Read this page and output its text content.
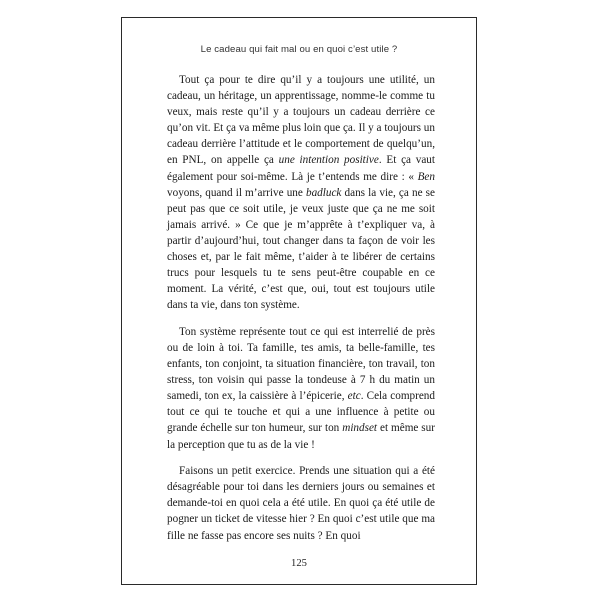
Le cadeau qui fait mal ou en quoi c’est utile ?

Tout ça pour te dire qu’il y a toujours une utilité, un cadeau, un héritage, un apprentissage, nomme-le comme tu veux, mais reste qu’il y a toujours un cadeau derrière ce qu’on vit. Et ça va même plus loin que ça. Il y a toujours un cadeau derrière l’attitude et le comportement de quelqu’un, en PNL, on appelle ça une intention positive. Et ça vaut également pour soi-même. Là je t’entends me dire : « Ben voyons, quand il m’arrive une badluck dans la vie, ça ne se peut pas que ce soit utile, je veux juste que ça ne me soit jamais arrivé. » Ce que je m’apprête à t’expliquer va, à partir d’aujourd’hui, tout changer dans ta façon de voir les choses et, par le fait même, t’aider à te libérer de certains trucs pour lesquels tu te sens peut-être coupable en ce moment. La vérité, c’est que, oui, tout est toujours utile dans ta vie, dans ton système.

Ton système représente tout ce qui est interrelié de près ou de loin à toi. Ta famille, tes amis, ta belle-famille, tes enfants, ton conjoint, ta situation financière, ton travail, ton stress, ton voisin qui passe la tondeuse à 7 h du matin un samedi, ton ex, la caissière à l’épicerie, etc. Cela comprend tout ce qui te touche et qui a une influence à petite ou grande échelle sur ton humeur, sur ton mindset et même sur la perception que tu as de la vie !

Faisons un petit exercice. Prends une situation qui a été désagréable pour toi dans les derniers jours ou semaines et demande-toi en quoi cela a été utile. En quoi ça été utile de pogner un ticket de vitesse hier ? En quoi c’est utile que ma fille ne fasse pas encore ses nuits ? En quoi

125
